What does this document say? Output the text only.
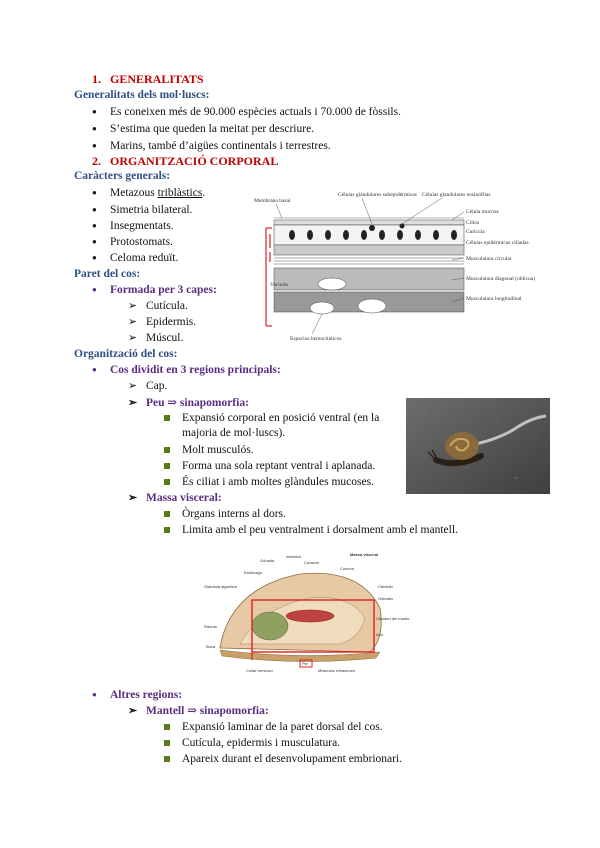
1. GENERALITATS
Generalitats dels mol·luscs:
● Es coneixen més de 90.000 espècies actuals i 70.000 de fòssils.
● S’estima que queden la meitat per descriure.
● Marins, també d’aigües continentals i terrestres.
2. ORGANITZACIÓ CORPORAL
Caràcters generals:
● Metazous triblàstics.
● Simetria bilateral.
● Insegmentats.
● Protostomats.
● Celoma reduït.
Paret del cos:
● Formada per 3 capes:
➢ Cutícula.
➢ Epidermis.
➢ Múscul.
Organització del cos:
● Cos dividit en 3 regions principals:
➢ Cap.
➢ Peu ⇒ sinapomorfia:
Expansió corporal en posició ventral (en la
majoria de mol·luscs).
Molt musculós.
Forma una sola reptant ventral i aplanada.
És ciliat i amb moltes glàndules mucoses.
➢ Massa visceral:
Òrgans interns al dors.
Limita amb el peu ventralment i dorsalment amb el mantell.
● Altres regions:
➢ Mantell ⇒ sinapomorfia:
Expansió laminar de la paret dorsal del cos.
Cutícula, epidermis i musculatura.
Apareix durant el desenvolupament embrionari.
Membrana basal
Células glandulares subepidérmicas Células glandulares eosinófilas
Célula mucosa
Cilios
Cutícula
Células epidérmicas ciliadas
Musculatura circular
Musculatura diagonal (oblicua)
Musculatura longitudinal
Vacuola
Espacios hemocitáticos
Massa visceral
Intestino
Corazón
Gónada
Estómago
Glándula digestiva
Rádula
Boca
Collar nervioso
Pie
Músculos retractores
Ctenidio
Osfradio
Concha
Cavidad del manto
Ano
